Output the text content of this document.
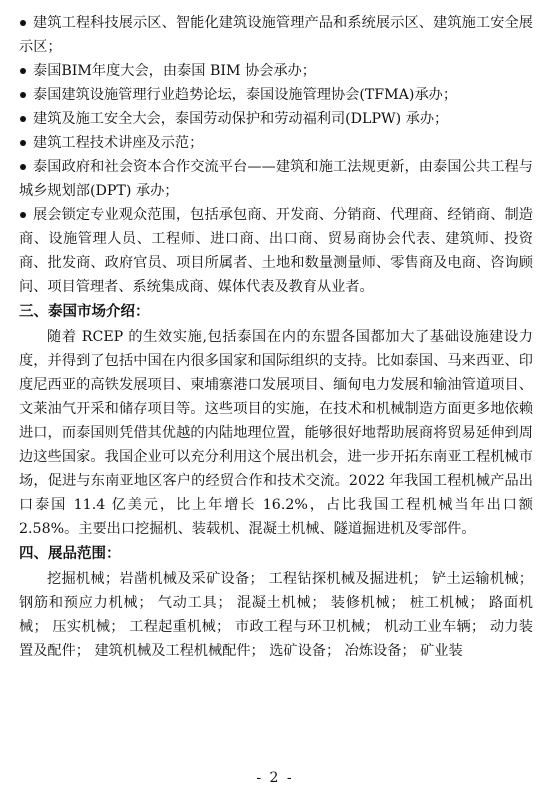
建筑工程科技展示区、智能化建筑设施管理产品和系统展示区、建筑施工安全展示区；

泰国BIM年度大会，由泰国 BIM 协会承办；

泰国建筑设施管理行业趋势论坛，泰国设施管理协会(TFMA)承办；

建筑及施工安全大会，泰国劳动保护和劳动福利司(DLPW) 承办；

建筑工程技术讲座及示范；

泰国政府和社会资本合作交流平台——建筑和施工法规更新，由泰国公共工程与城乡规划部(DPT) 承办；

展会锁定专业观众范围，包括承包商、开发商、分销商、代理商、经销商、制造商、设施管理人员、工程师、进口商、出口商、贸易商协会代表、建筑师、投资商、批发商、政府官员、项目所属者、土地和数量测量师、零售商及电商、咨询顾问、项目管理者、系统集成商、媒体代表及教育从业者。

三、泰国市场介绍：

随着 RCEP 的生效实施,包括泰国在内的东盟各国都加大了基础设施建设力度，并得到了包括中国在内很多国家和国际组织的支持。比如泰国、马来西亚、印度尼西亚的高铁发展项目、柬埔寨港口发展项目、缅甸电力发展和输油管道项目、文莱油气开采和储存项目等。这些项目的实施，在技术和机械制造方面更多地依赖进口，而泰国则凭借其优越的内陆地理位置，能够很好地帮助展商将贸易延伸到周边这些国家。我国企业可以充分利用这个展出机会，进一步开拓东南亚工程机械市场，促进与东南亚地区客户的经贸合作和技术交流。2022 年我国工程机械产品出口泰国 11.4 亿美元，比上年增长 16.2%，占比我国工程机械当年出口额 2.58%。主要出口挖掘机、装载机、混凝土机械、隧道掘进机及零部件。

四、展品范围：

挖掘机械；岩凿机械及采矿设备； 工程钻探机械及掘进机； 铲土运输机械； 钢筋和预应力机械； 气动工具； 混凝土机械； 装修机械； 桩工机械； 路面机械； 压实机械； 工程起重机械； 市政工程与环卫机械； 机动工业车辆； 动力装置及配件； 建筑机械及工程机械配件； 选矿设备； 冶炼设备； 矿业装

- 2 -
